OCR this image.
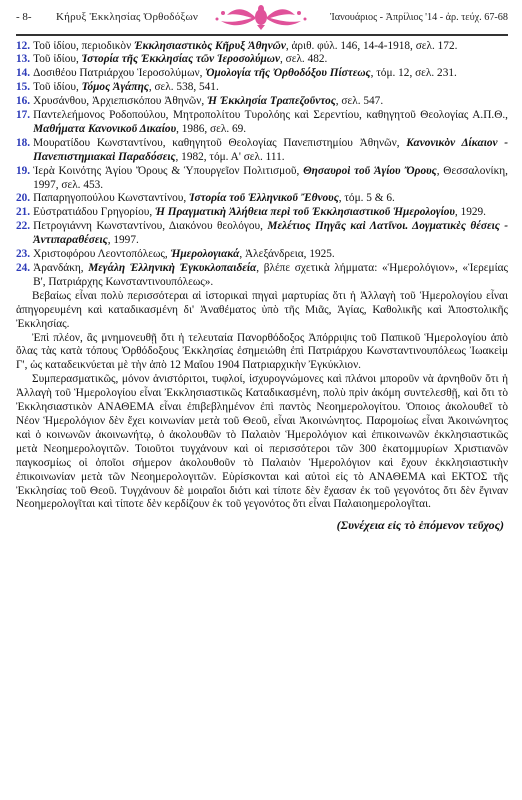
- 8-	Κήρυξ Ἐκκλησίας Ὀρθοδόξων	Ἰανουάριος - Ἀπρίλιος '14 - ἀρ. τεύχ. 67-68
12. Τοῦ ἰδίου, περιοδικὸν Ἐκκλησιαστικὸς Κῆρυξ Ἀθηνῶν, ἀριθ. φύλ. 146, 14-4-1918, σελ. 172.
13. Τοῦ ἰδίου, Ἱστορία τῆς Ἐκκλησίας τῶν Ἱεροσολύμων, σελ. 482.
14. Δοσιθέου Πατριάρχου Ἱεροσολύμων, Ὁμολογία τῆς Ὀρθοδόξου Πίστεως, τόμ. 12, σελ. 231.
15. Τοῦ ἰδίου, Τόμος Ἀγάπης, σελ. 538, 541.
16. Χρυσάνθου, Ἀρχιεπισκόπου Ἀθηνῶν, Ἡ Ἐκκλησία Τραπεζοῦντος, σελ. 547.
17. Παντελεήμονος Ροδοπούλου, Μητροπολίτου Τυρολόης καὶ Σερεντίου, καθηγητοῦ Θεολογίας Α.Π.Θ., Μαθήματα Κανονικοῦ Δικαίου, 1986, σελ. 69.
18. Μουρατίδου Κωνσταντίνου, καθηγητοῦ Θεολογίας Πανεπιστημίου Ἀθηνῶν, Κανονικὸν Δίκαιον - Πανεπιστημιακαὶ Παραδόσεις, 1982, τόμ. Α' σελ. 111.
19. Ἱερὰ Κοινότης Ἁγίου Ὄρους & Ὑπουργεῖον Πολιτισμοῦ, Θησαυροὶ τοῦ Ἁγίου Ὄρους, Θεσσαλονίκη, 1997, σελ. 453.
20. Παπαρηγοπούλου Κωνσταντίνου, Ἱστορία τοῦ Ἑλληνικοῦ Ἔθνους, τόμ. 5 & 6.
21. Εὐστρατιάδου Γρηγορίου, Ἡ Πραγματικὴ Ἀλήθεια περὶ τοῦ Ἐκκλησιαστικοῦ Ἡμερολογίου, 1929.
22. Πετρογιάννη Κωνσταντίνου, Διακόνου θεολόγου, Μελέτιος Πηγᾶς καὶ Λατῖνοι. Δογματικὲς θέσεις - Ἀντιπαραθέσεις, 1997.
23. Χριστοφόρου Λεοντοπόλεως, Ἡμερολογιακά, Ἀλεξάνδρεια, 1925.
24. Ἀρανδάκη, Μεγάλη Ἑλληνικὴ Ἐγκυκλοπαιδεία, βλέπε σχετικὰ λήμματα: «Ἡμερολόγιον», «Ἱερεμίας Β', Πατριάρχης Κωνσταντινουπόλεως».

Βεβαίως εἶναι πολὺ περισσότεραι αἱ ἱστορικαὶ πηγαὶ μαρτυρίας ὅτι ἡ Ἀλλαγὴ τοῦ Ἡμερολογίου εἶναι ἀπηγορευμένη καὶ καταδικασμένη δι' Ἀναθέματος ὑπὸ τῆς Μιᾶς, Ἁγίας, Καθολικῆς καὶ Ἀποστολικῆς Ἐκκλησίας.

Ἐπὶ πλέον, ἂς μνημονευθῇ ὅτι ἡ τελευταία Πανορθόδοξος Ἀπόρριψις τοῦ Παπικοῦ Ἡμερολογίου ἀπὸ ὅλας τὰς κατὰ τόπους Ὀρθόδοξους Ἐκκλησίας ἐσημειώθη ἐπὶ Πατριάρχου Κωνσταντινουπόλεως Ἰωακεὶμ Γ', ὡς καταδεικνύεται μὲ τὴν ἀπὸ 12 Μαΐου 1904 Πατριαρχικὴν Ἐγκύκλιον.

Συμπερασματικῶς, μόνον ἀνιστόριτοι, τυφλοί, ἰσχυρογνώμονες καὶ πλάνοι μποροῦν νὰ ἀρνηθοῦν ὅτι ἡ Ἀλλαγὴ τοῦ Ἡμερολογίου εἶναι Ἐκκλησιαστικῶς Καταδικασμένη, πολὺ πρὶν ἀκόμη συντελεσθῇ, καὶ ὅτι τὸ Ἐκκλησιαστικὸν ΑΝΑΘΕΜΑ εἶναι ἐπιβεβλημένον ἐπὶ παντὸς Νεοημερολογίτου. Ὁποιος ἀκολουθεῖ τὸ Νέον Ἡμερολόγιον δὲν ἔχει κοινωνίαν μετὰ τοῦ Θεοῦ, εἶναι Ἀκοινώνητος. Παρομοίως εἶναι Ἀκοινώνητος καὶ ὁ κοινωνῶν ἀκοινωνήτῳ, ὁ ἀκολουθῶν τὸ Παλαιὸν Ἡμερολόγιον καὶ ἐπικοινωνῶν ἐκκλησιαστικῶς μετὰ Νεοημερολογιτῶν. Τοιοῦτοι τυγχάνουν καὶ οἱ περισσότεροι τῶν 300 ἑκατομμυρίων Χριστιανῶν παγκοσμίως οἱ ὁποῖοι σήμερον ἀκολουθοῦν τὸ Παλαιὸν Ἡμερολόγιον καὶ ἔχουν ἐκκλησιαστικὴν ἐπικοινωνίαν μετὰ τῶν Νεοημερολογιτῶν. Εὑρίσκονται καὶ αὐτοὶ εἰς τὸ ΑΝΑΘΕΜΑ καὶ ΕΚΤΟΣ τῆς Ἐκκλησίας τοῦ Θεοῦ. Τυγχάνουν δὲ μοιραῖοι διότι καὶ τίποτε δὲν ἔχασαν ἐκ τοῦ γεγονότος ὅτι δὲν ἔγιναν Νεοημερολογῖται καὶ τίποτε δὲν κερδίζουν ἐκ τοῦ γεγονότος ὅτι εἶναι Παλαιοημερολογῖται.

(Συνέχεια εἰς τὸ ἑπόμενον τεῦχος)
